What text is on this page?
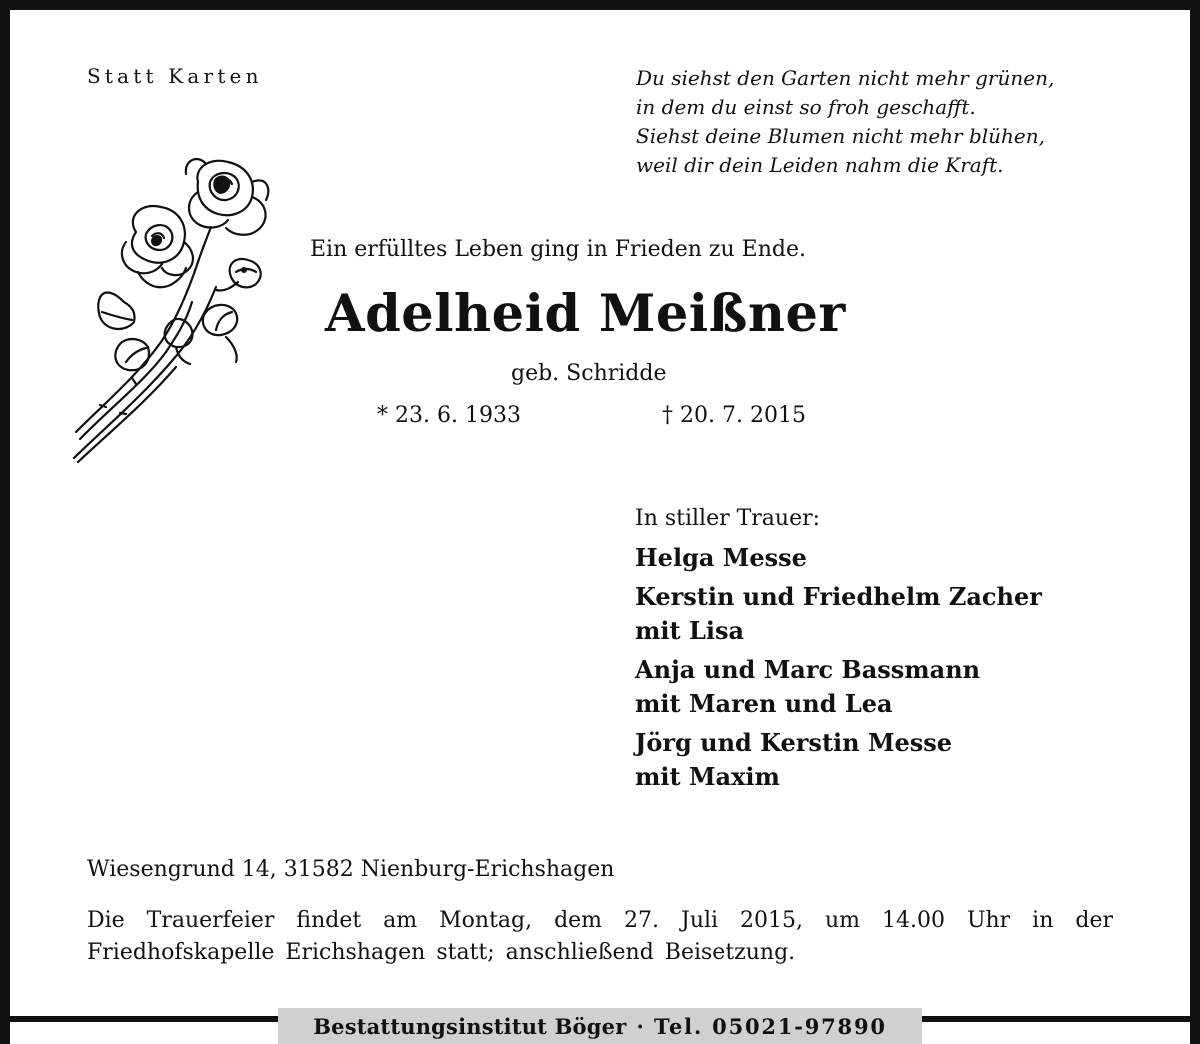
Statt Karten	Du siehst den Garten nicht mehr grünen,
in dem du einst so froh geschafft.
Siehst deine Blumen nicht mehr blühen,
weil dir dein Leiden nahm die Kraft.
Ein erfülltes Leben ging in Frieden zu Ende.
Adelheid Meißner
geb. Schridde
* 23. 6. 1933	† 20. 7. 2015
In stiller Trauer:
Helga Messe
Kerstin und Friedhelm Zacher
mit Lisa
Anja und Marc Bassmann
mit Maren und Lea
Jörg und Kerstin Messe
mit Maxim
Wiesengrund 14, 31582 Nienburg-Erichshagen
Die Trauerfeier findet am Montag, dem 27. Juli 2015, um 14.00 Uhr in der Friedhofskapelle Erichshagen statt; anschließend Beisetzung.
Bestattungsinstitut Böger · Tel. 05021-97890
